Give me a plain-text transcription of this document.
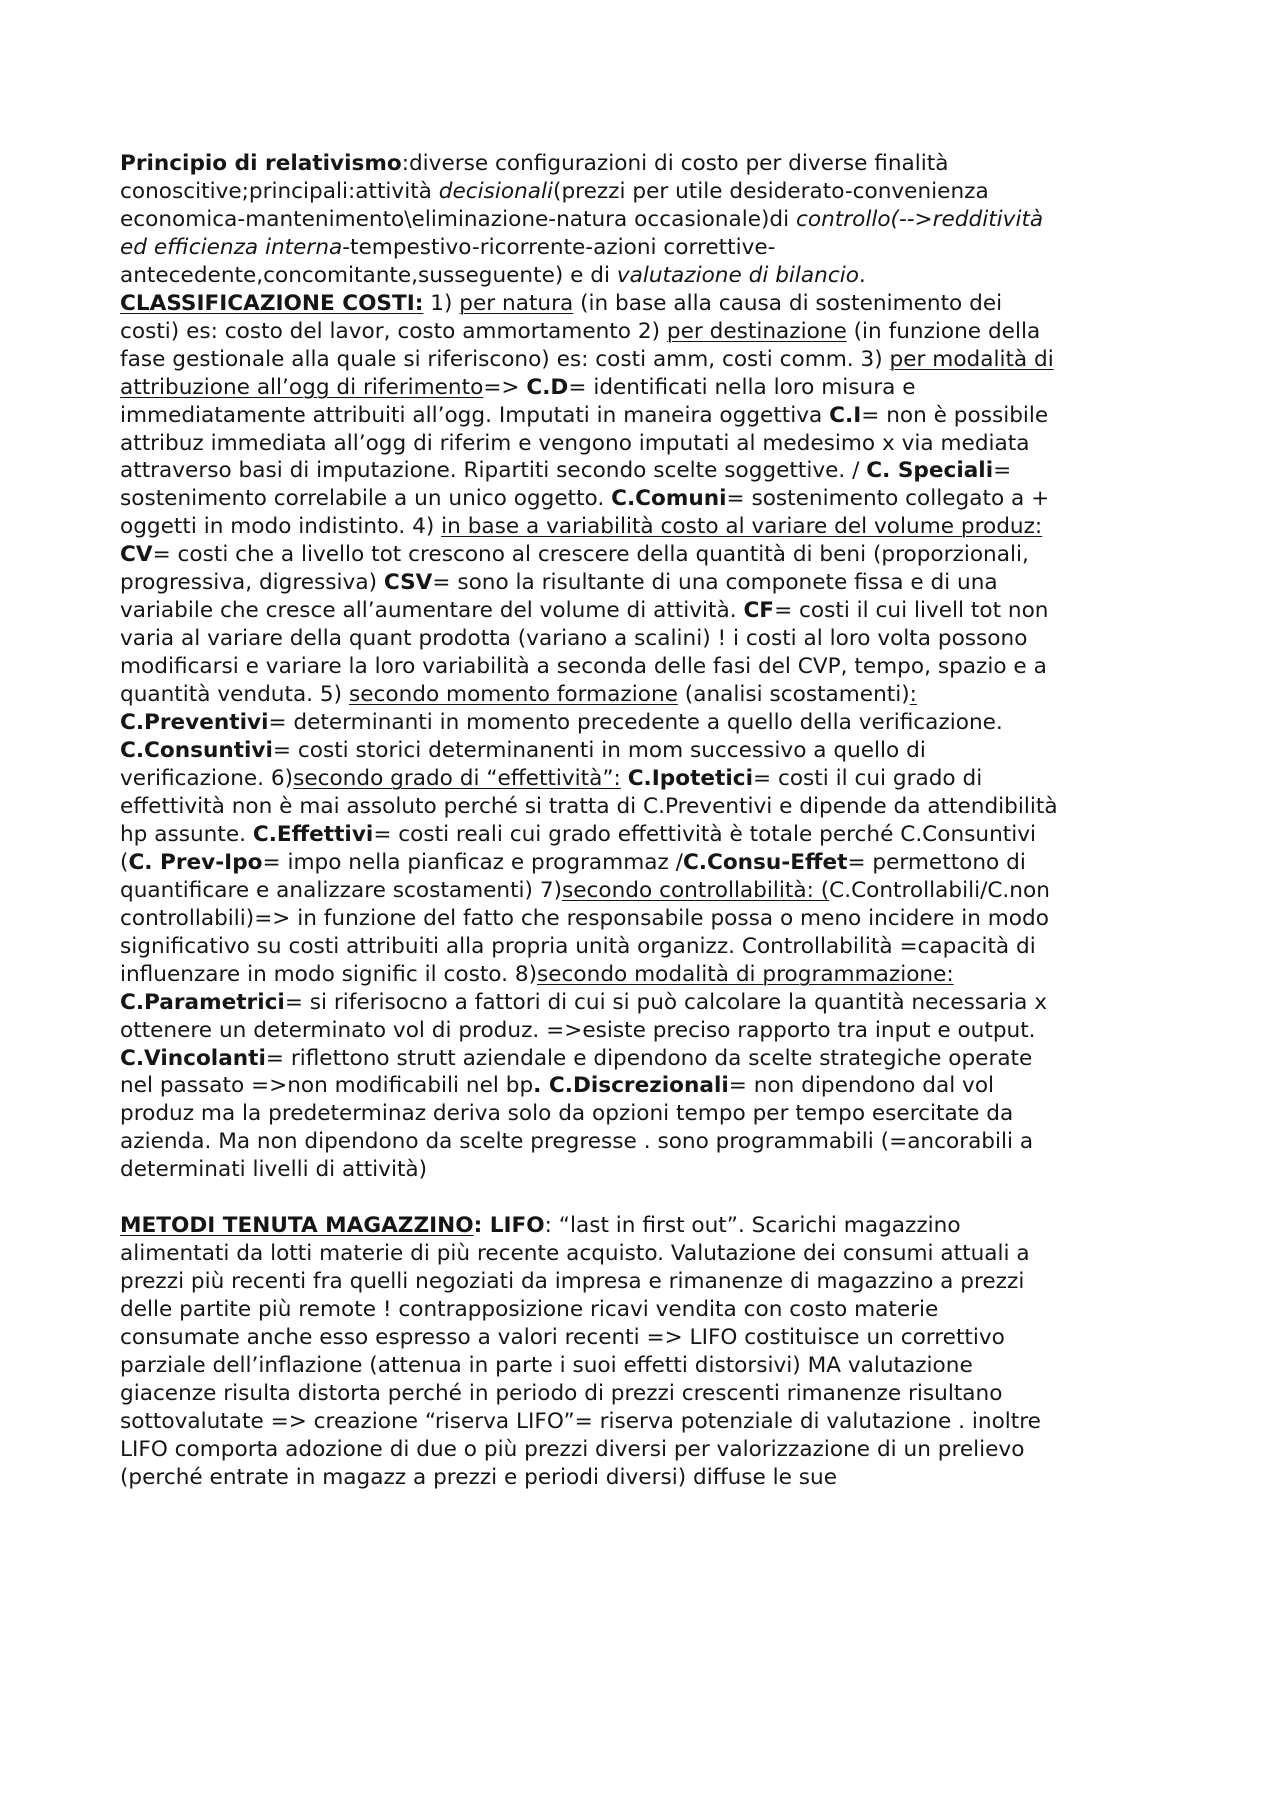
Principio di relativismo:diverse configurazioni di costo per diverse finalità conoscitive;principali:attività decisionali(prezzi per utile desiderato-convenienza economica-mantenimento\eliminazione-natura occasionale)di controllo(-->redditività ed efficienza interna-tempestivo-ricorrente-azioni correttive-antecedente,concomitante,susseguente) e di valutazione di bilancio.

CLASSIFICAZIONE COSTI: 1) per natura (in base alla causa di sostenimento dei costi) es: costo del lavor, costo ammortamento 2) per destinazione (in funzione della fase gestionale alla quale si riferiscono) es: costi amm, costi comm. 3) per modalità di attribuzione all’ogg di riferimento=> C.D= identificati nella loro misura e immediatamente attribuiti all’ogg. Imputati in maneira oggettiva C.I= non è possibile attribuz immediata all’ogg di riferim e vengono imputati al medesimo x via mediata attraverso basi di imputazione. Ripartiti secondo scelte soggettive. / C. Speciali= sostenimento correlabile a un unico oggetto. C.Comuni= sostenimento collegato a + oggetti in modo indistinto. 4) in base a variabilità costo al variare del volume produz: CV= costi che a livello tot crescono al crescere della quantità di beni (proporzionali, progressiva, digressiva) CSV= sono la risultante di una componete fissa e di una variabile che cresce all’aumentare del volume di attività. CF= costi il cui livell tot non varia al variare della quant prodotta (variano a scalini) ! i costi al loro volta possono modificarsi e variare la loro variabilità a seconda delle fasi del CVP, tempo, spazio e a quantità venduta. 5) secondo momento formazione (analisi scostamenti): C.Preventivi= determinanti in momento precedente a quello della verificazione. C.Consuntivi= costi storici determinanenti in mom successivo a quello di verificazione. 6)secondo grado di “effettività”: C.Ipotetici= costi il cui grado di effettività non è mai assoluto perché si tratta di C.Preventivi e dipende da attendibilità hp assunte. C.Effettivi= costi reali cui grado effettività è totale perché C.Consuntivi (C. Prev-Ipo= impo nella pianficaz e programmaz /C.Consu-Effet= permettono di quantificare e analizzare scostamenti) 7)secondo controllabilità: (C.Controllabili/C.non controllabili)=> in funzione del fatto che responsabile possa o meno incidere in modo significativo su costi attribuiti alla propria unità organizz. Controllabilità =capacità di influenzare in modo signific il costo. 8)secondo modalità di programmazione: C.Parametrici= si riferisocno a fattori di cui si può calcolare la quantità necessaria x ottenere un determinato vol di produz. =>esiste preciso rapporto tra input e output. C.Vincolanti= riflettono strutt aziendale e dipendono da scelte strategiche operate nel passato =>non modificabili nel bp. C.Discrezionali= non dipendono dal vol produz ma la predeterminaz deriva solo da opzioni tempo per tempo esercitate da azienda. Ma non dipendono da scelte pregresse . sono programmabili (=ancorabili a determinati livelli di attività)

METODI TENUTA MAGAZZINO: LIFO: “last in first out”. Scarichi magazzino alimentati da lotti materie di più recente acquisto. Valutazione dei consumi attuali a prezzi più recenti fra quelli negoziati da impresa e rimanenze di magazzino a prezzi delle partite più remote ! contrapposizione ricavi vendita con costo materie consumate anche esso espresso a valori recenti => LIFO costituisce un correttivo parziale dell’inflazione (attenua in parte i suoi effetti distorsivi) MA valutazione giacenze risulta distorta perché in periodo di prezzi crescenti rimanenze risultano sottovalutate => creazione “riserva LIFO”= riserva potenziale di valutazione . inoltre LIFO comporta adozione di due o più prezzi diversi per valorizzazione di un prelievo (perché entrate in magazz a prezzi e periodi diversi) diffuse le sue
